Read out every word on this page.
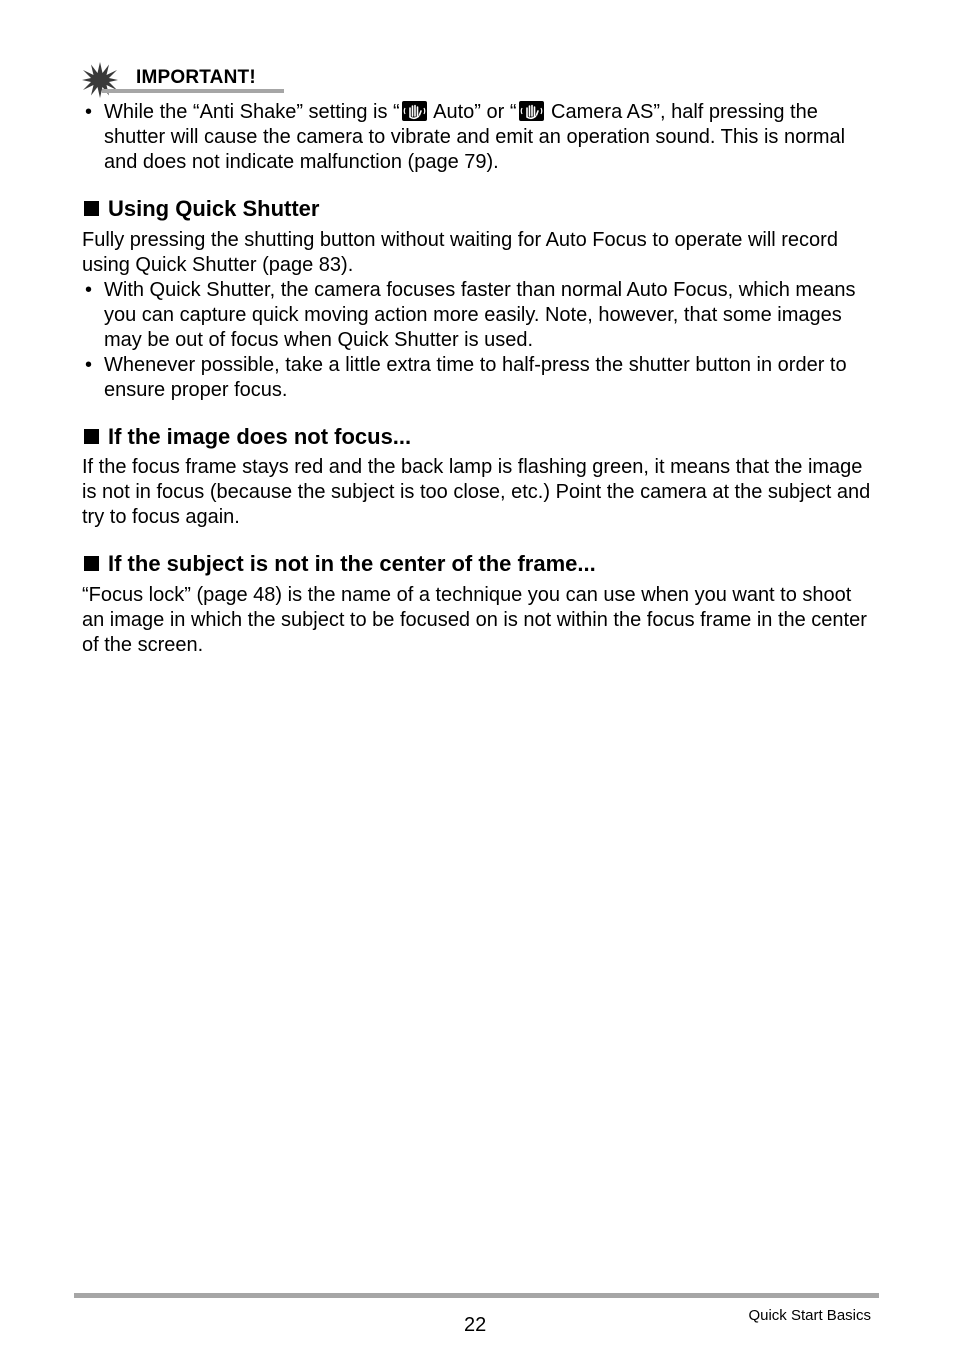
IMPORTANT!
• While the “Anti Shake” setting is “ Auto” or “ Camera AS”, half pressing the shutter will cause the camera to vibrate and emit an operation sound. This is normal and does not indicate malfunction (page 79).
Using Quick Shutter
Fully pressing the shutting button without waiting for Auto Focus to operate will record using Quick Shutter (page 83).
• With Quick Shutter, the camera focuses faster than normal Auto Focus, which means you can capture quick moving action more easily. Note, however, that some images may be out of focus when Quick Shutter is used.
• Whenever possible, take a little extra time to half-press the shutter button in order to ensure proper focus.
If the image does not focus...
If the focus frame stays red and the back lamp is flashing green, it means that the image is not in focus (because the subject is too close, etc.) Point the camera at the subject and try to focus again.
If the subject is not in the center of the frame...
“Focus lock” (page 48) is the name of a technique you can use when you want to shoot an image in which the subject to be focused on is not within the focus frame in the center of the screen.
22	Quick Start Basics
